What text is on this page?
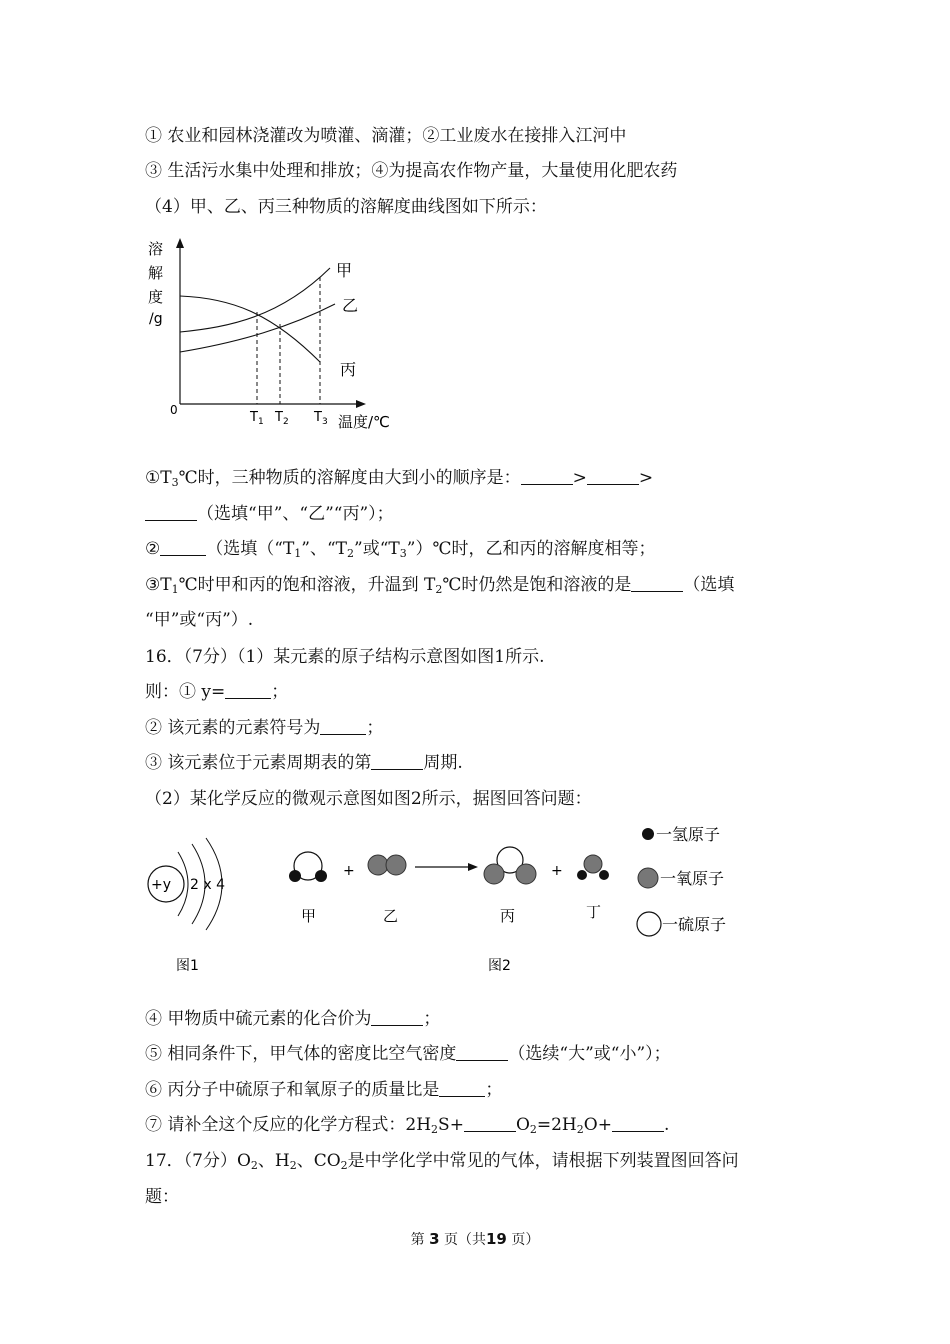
① 农业和园林浇灌改为喷灌、滴灌；②工业废水在接排入江河中
③ 生活污水集中处理和排放；④为提高农作物产量，大量使用化肥农药
（4）甲、乙、丙三种物质的溶解度曲线图如下所示：
溶
解
度
/g
0	$T_1$ $T_2$ $T_3$ 温度/℃
甲
乙
丙
$①T_3℃$时，三种物质的溶解度由大到小的顺序是：	>	>
（选填“甲”、“乙”“丙”）；
②	（选填（“$T_1$”、“$T_2$”或“$T_3”)℃$时，乙和丙的溶解度相等；
$③T_1℃$时甲和丙的饱和溶液，升温到 $T_2℃$时仍然是饱和溶液的是	（选填
“甲”或“丙”）.
16．（7分）（1）某元素的原子结构示意图如图1所示.
则：① y=	；
② 该元素的元素符号为	；
③ 该元素位于元素周期表的第	周期.
（2）某化学反应的微观示意图如图2所示，据图回答问题：
+y 2 x 4
图1
甲
+
乙	丙
+
丁
图2
一氢原子
一氧原子
一硫原子
④ 甲物质中硫元素的化合价为	；
⑤ 相同条件下，甲气体的密度比空气密度	（选续“大”或“小”）；
⑥ 丙分子中硫原子和氧原子的质量比是	；
⑦ 请补全这个反应的化学方程式：$2H_2S+$	$O_2=2H_2O+$	.
17．（7分）$O_2$、$H_2$、$CO_2$是中学化学中常见的气体，请根据下列装置图回答问
题：
第 3 页（共19 页）
